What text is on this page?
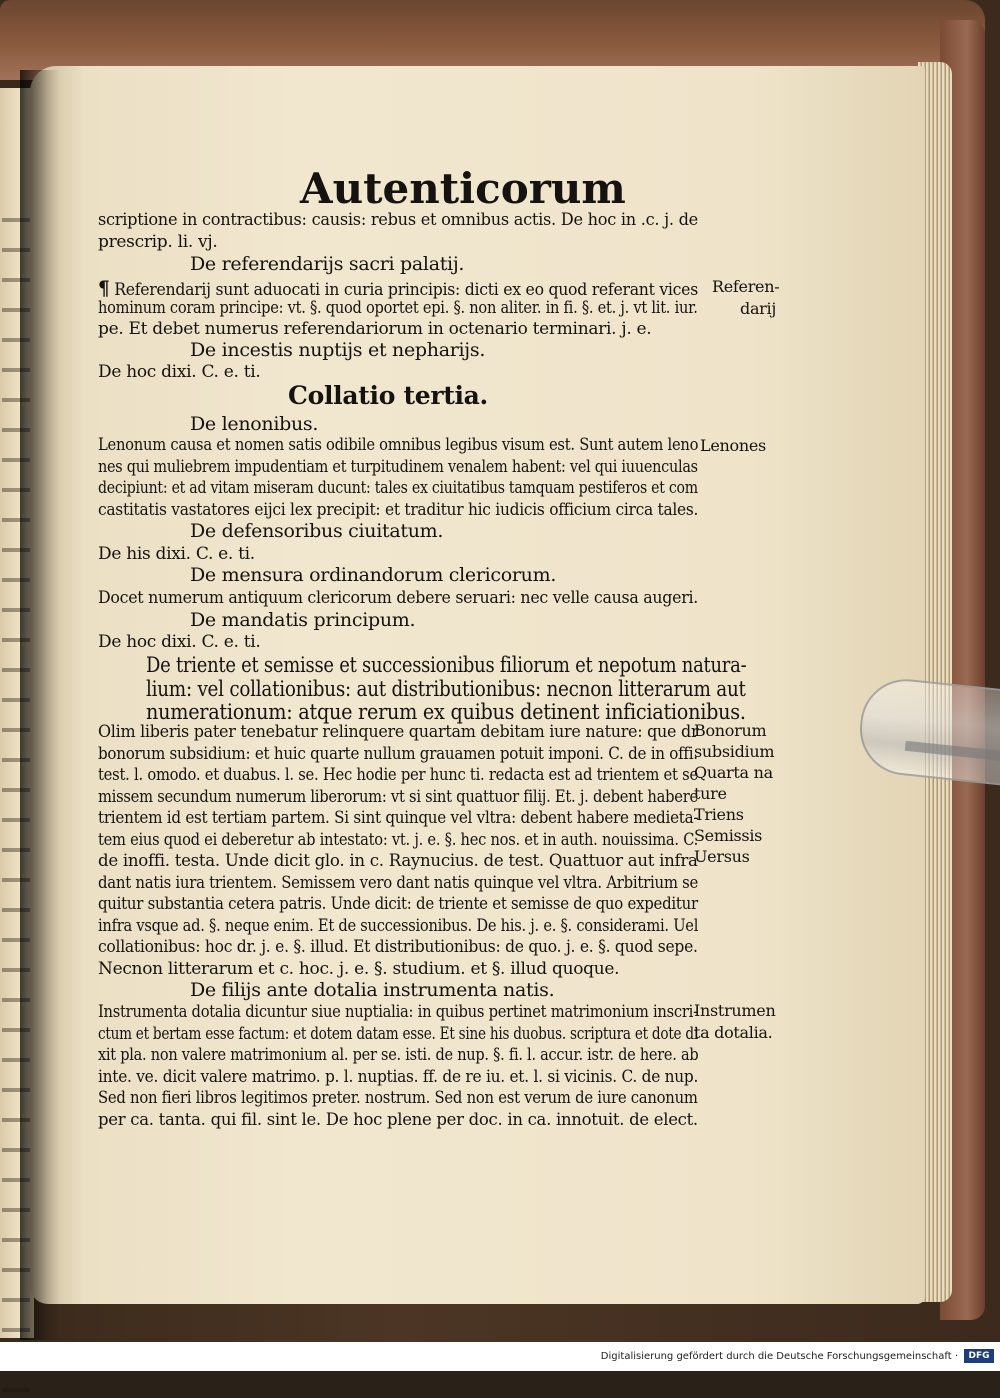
Autenticorum
scriptione in contractibus: causis: rebus et omnibus actis. De hoc in .c. j. de
prescrip. li. vj.
De referendarijs sacri palatij.
¶ Referendarij sunt aduocati in curia principis: dicti ex eo quod referant vices
hominum coram principe: vt. §. quod oportet epi. §. non aliter. in fi. §. et. j. vt lit. iur.
pe. Et debet numerus referendariorum in octenario terminari. j. e.
De incestis nuptijs et nepharijs.
De hoc dixi. C. e. ti.
Collatio tertia.
De lenonibus.
Lenonum causa et nomen satis odibile omnibus legibus visum est. Sunt autem leno
nes qui muliebrem impudentiam et turpitudinem venalem habent: vel qui iuuenculas
decipiunt: et ad vitam miseram ducunt: tales ex ciuitatibus tamquam pestiferos et com
castitatis vastatores eijci lex precipit: et traditur hic iudicis officium circa tales.
De defensoribus ciuitatum.
De his dixi. C. e. ti.
De mensura ordinandorum clericorum.
Docet numerum antiquum clericorum debere seruari: nec velle causa augeri.
De mandatis principum.
De hoc dixi. C. e. ti.
De triente et semisse et successionibus filiorum et nepotum natura-
lium: vel collationibus: aut distributionibus: necnon litterarum aut
numerationum: atque rerum ex quibus detinent inficiationibus.
Olim liberis pater tenebatur relinquere quartam debitam iure nature: que dr
bonorum subsidium: et huic quarte nullum grauamen potuit imponi. C. de in offi.
test. l. omodo. et duabus. l. se. Hec hodie per hunc ti. redacta est ad trientem et se
missem secundum numerum liberorum: vt si sint quattuor filij. Et. j. debent habere
trientem id est tertiam partem. Si sint quinque vel vltra: debent habere medieta-
tem eius quod ei deberetur ab intestato: vt. j. e. §. hec nos. et in auth. nouissima. C.
de inoffi. testa. Unde dicit glo. in c. Raynucius. de test. Quattuor aut infra
dant natis iura trientem. Semissem vero dant natis quinque vel vltra. Arbitrium se
quitur substantia cetera patris. Unde dicit: de triente et semisse de quo expeditur
infra vsque ad. §. neque enim. Et de successionibus. De his. j. e. §. considerami. Uel
collationibus: hoc dr. j. e. §. illud. Et distributionibus: de quo. j. e. §. quod sepe.
Necnon litterarum et c. hoc. j. e. §. studium. et §. illud quoque.
De filijs ante dotalia instrumenta natis.
Instrumenta dotalia dicuntur siue nuptialia: in quibus pertinet matrimonium inscri-
ctum et bertam esse factum: et dotem datam esse. Et sine his duobus. scriptura et dote di
xit pla. non valere matrimonium al. per se. isti. de nup. §. fi. l. accur. istr. de here. ab
inte. ve. dicit valere matrimo. p. l. nuptias. ff. de re iu. et. l. si vicinis. C. de nup.
Sed non fieri libros legitimos preter. nostrum. Sed non est verum de iure canonum
per ca. tanta. qui fil. sint le. De hoc plene per doc. in ca. innotuit. de elect.
Referen-
darij
Lenones
Bonorum
subsidium
Quarta na
ture
Triens
Semissis
Uersus
Instrumen
ta dotalia.
Digitalisierung gefördert durch die Deutsche Forschungsgemeinschaft ·	DFG
